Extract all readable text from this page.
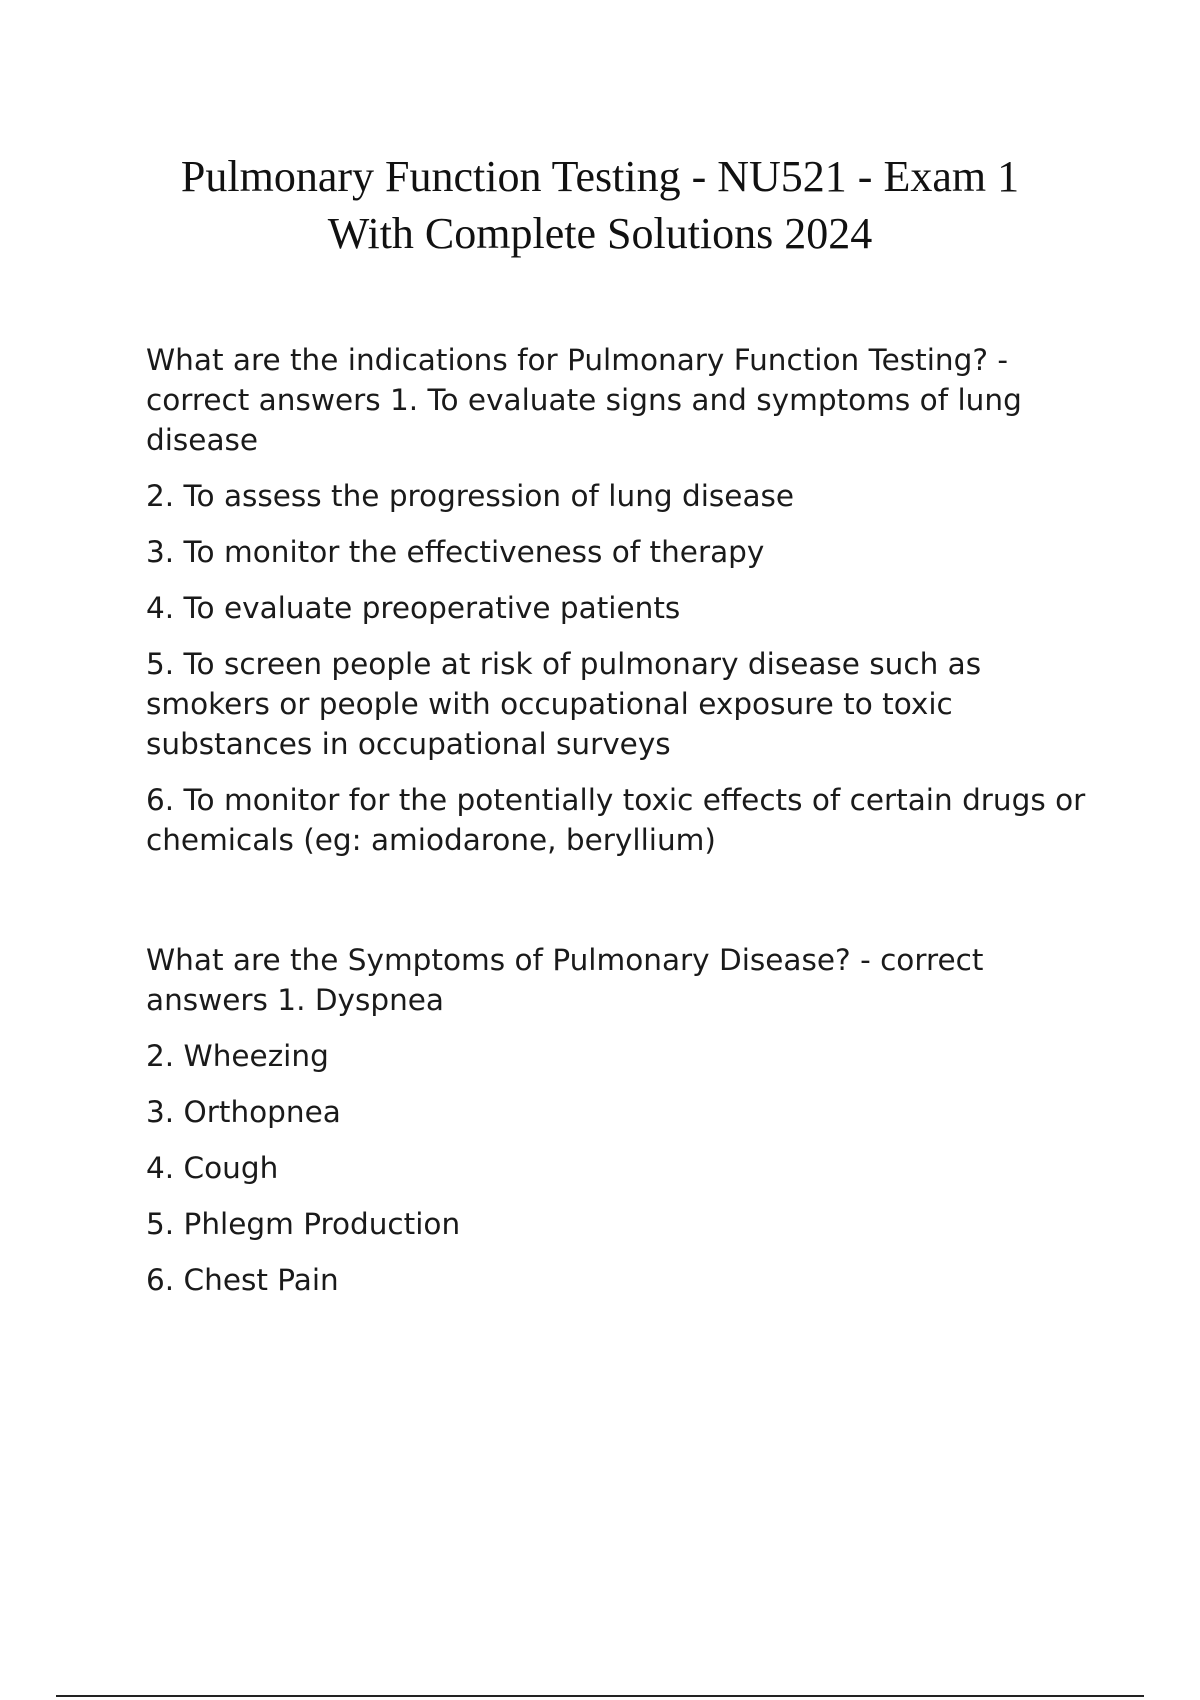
Pulmonary Function Testing - NU521 - Exam 1
With Complete Solutions 2024

What are the indications for Pulmonary Function Testing? - correct answers 1. To evaluate signs and symptoms of lung disease

2. To assess the progression of lung disease

3. To monitor the effectiveness of therapy

4. To evaluate preoperative patients

5. To screen people at risk of pulmonary disease such as smokers or people with occupational exposure to toxic substances in occupational surveys

6. To monitor for the potentially toxic effects of certain drugs or chemicals (eg: amiodarone, beryllium)

What are the Symptoms of Pulmonary Disease? - correct answers 1. Dyspnea

2. Wheezing

3. Orthopnea

4. Cough

5. Phlegm Production

6. Chest Pain
